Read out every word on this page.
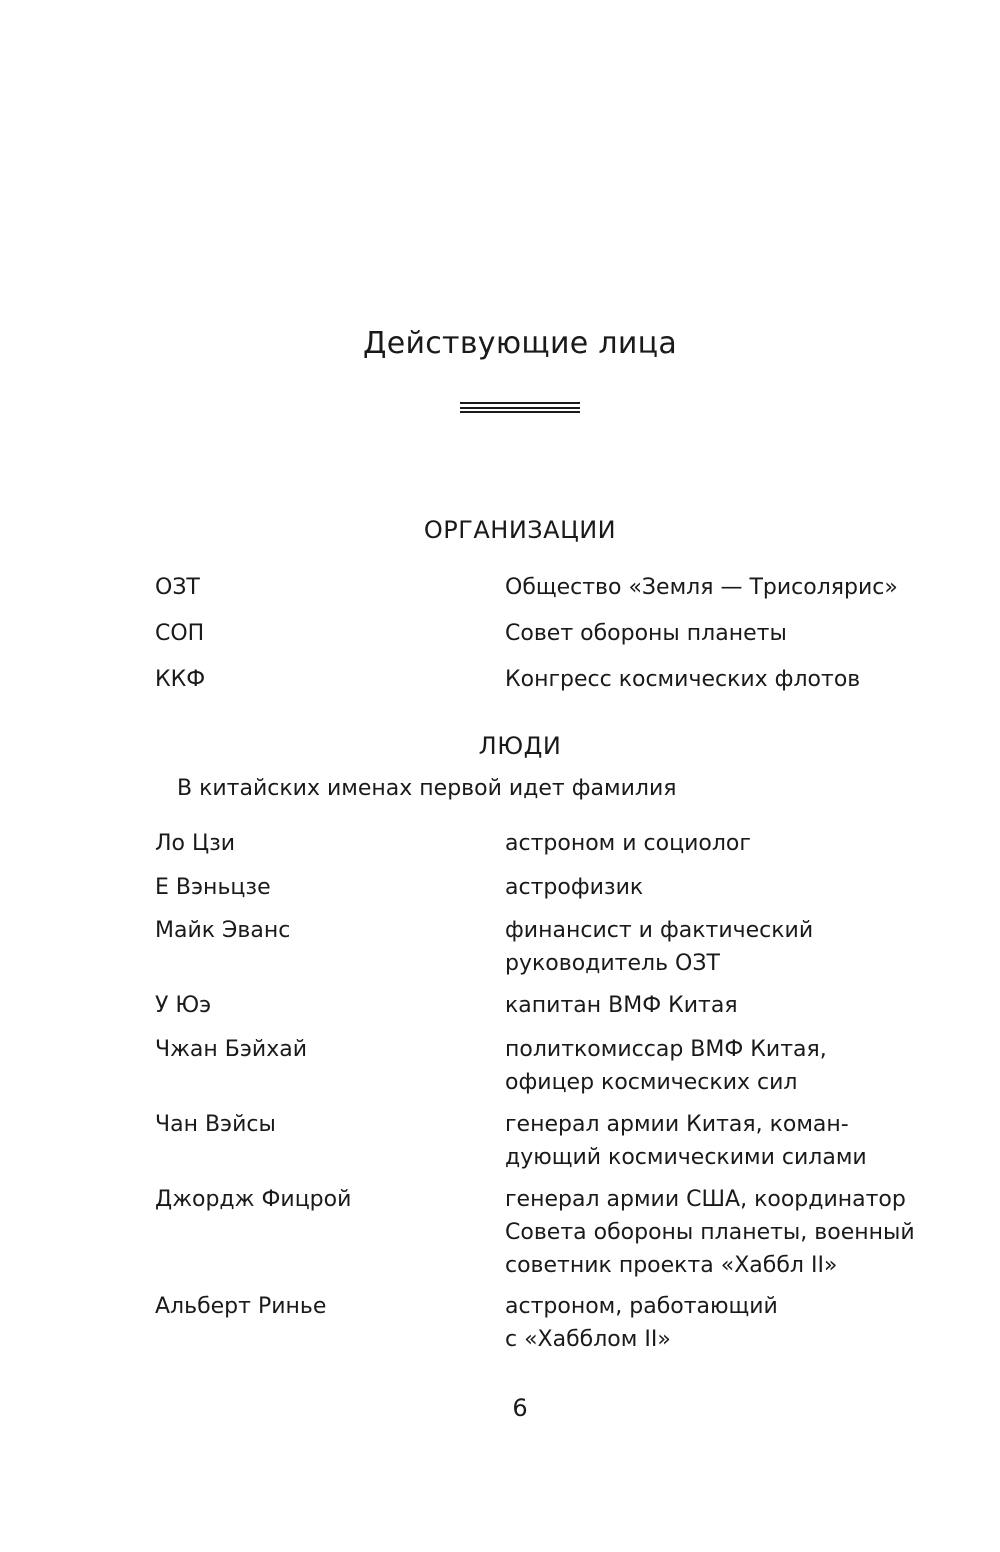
Действующие лица
ОРГАНИЗАЦИИ
ОЗТ	Общество «Земля — Трисолярис»
СОП	Совет обороны планеты
ККФ	Конгресс космических флотов
ЛЮДИ
В китайских именах первой идет фамилия
Ло Цзи	астроном и социолог
Е Вэньцзе	астрофизик
Майк Эванс	финансист и фактический
руководитель ОЗТ
У Юэ	капитан ВМФ Китая
Чжан Бэйхай	политкомиссар ВМФ Китая,
офицер космических сил
Чан Вэйсы	генерал армии Китая, коман-
дующий космическими силами
Джордж Фицрой	генерал армии США, координатор
Совета обороны планеты, военный
советник проекта «Хаббл II»
Альберт Ринье	астроном, работающий
с «Хабблом II»
6
